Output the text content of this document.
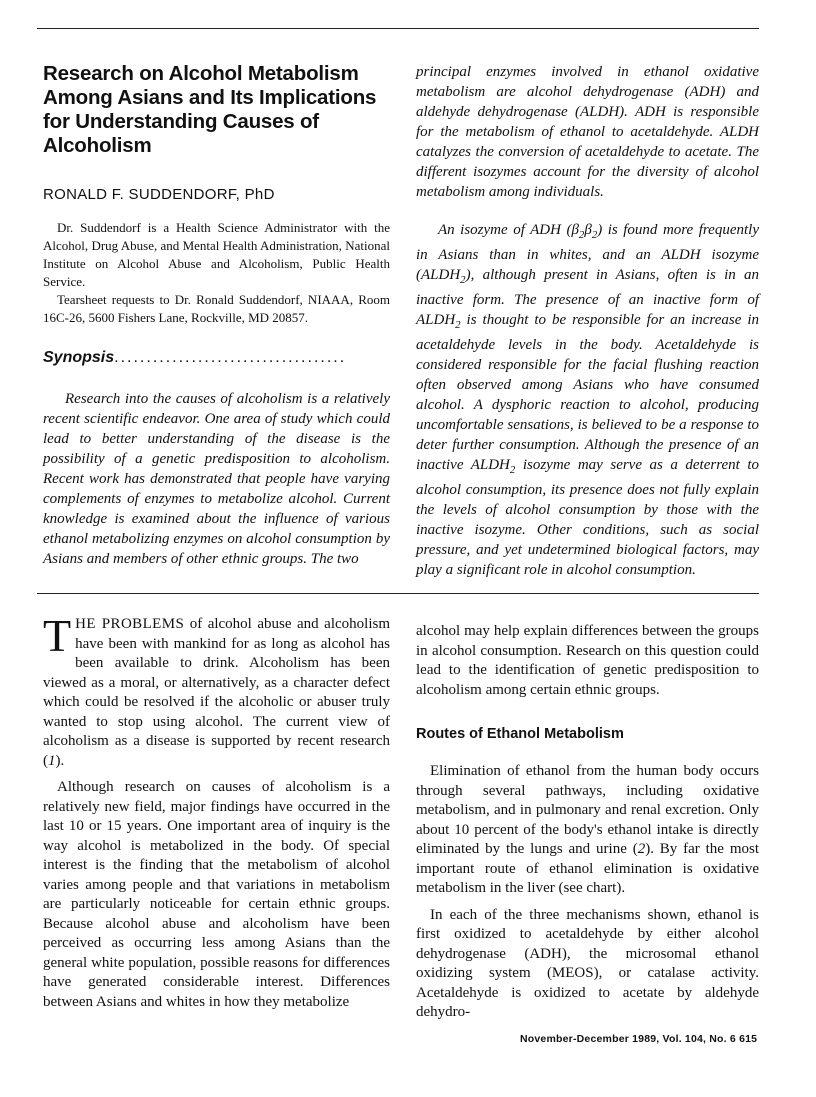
Research on Alcohol Metabolism Among Asians and Its Implications for Understanding Causes of Alcoholism

RONALD F. SUDDENDORF, PhD

Dr. Suddendorf is a Health Science Administrator with the Alcohol, Drug Abuse, and Mental Health Administration, National Institute on Alcohol Abuse and Alcoholism, Public Health Service.

Tearsheet requests to Dr. Ronald Suddendorf, NIAAA, Room 16C-26, 5600 Fishers Lane, Rockville, MD 20857.

Synopsis....................................

Research into the causes of alcoholism is a relatively recent scientific endeavor. One area of study which could lead to better understanding of the disease is the possibility of a genetic predisposition to alcoholism. Recent work has demonstrated that people have varying complements of enzymes to metabolize alcohol. Current knowledge is examined about the influence of various ethanol metabolizing enzymes on alcohol consumption by Asians and members of other ethnic groups. The two

principal enzymes involved in ethanol oxidative metabolism are alcohol dehydrogenase (ADH) and aldehyde dehydrogenase (ALDH). ADH is responsible for the metabolism of ethanol to acetaldehyde. ALDH catalyzes the conversion of acetaldehyde to acetate. The different isozymes account for the diversity of alcohol metabolism among individuals.

An isozyme of ADH $(\beta_2\beta_2)$ is found more frequently in Asians than in whites, and an ALDH isozyme $(ALDH_2)$, although present in Asians, often is in an inactive form. The presence of an inactive form of $ALDH_2$ is thought to be responsible for an increase in acetaldehyde levels in the body. Acetaldehyde is considered responsible for the facial flushing reaction often observed among Asians who have consumed alcohol. A dysphoric reaction to alcohol, producing uncomfortable sensations, is believed to be a response to deter further consumption. Although the presence of an inactive $ALDH_2$ isozyme may serve as a deterrent to alcohol consumption, its presence does not fully explain the levels of alcohol consumption by those with the inactive isozyme. Other conditions, such as social pressure, and yet undetermined biological factors, may play a significant role in alcohol consumption.

THE PROBLEMS of alcohol abuse and alcoholism have been with mankind for as long as alcohol has been available to drink. Alcoholism has been viewed as a moral, or alternatively, as a character defect which could be resolved if the alcoholic or abuser truly wanted to stop using alcohol. The current view of alcoholism as a disease is supported by recent research (1).

Although research on causes of alcoholism is a relatively new field, major findings have occurred in the last 10 or 15 years. One important area of inquiry is the way alcohol is metabolized in the body. Of special interest is the finding that the metabolism of alcohol varies among people and that variations in metabolism are particularly noticeable for certain ethnic groups. Because alcohol abuse and alcoholism have been perceived as occurring less among Asians than the general white population, possible reasons for differences have generated considerable interest. Differences between Asians and whites in how they metabolize

alcohol may help explain differences between the groups in alcohol consumption. Research on this question could lead to the identification of genetic predisposition to alcoholism among certain ethnic groups.

Routes of Ethanol Metabolism

Elimination of ethanol from the human body occurs through several pathways, including oxidative metabolism, and in pulmonary and renal excretion. Only about 10 percent of the body's ethanol intake is directly eliminated by the lungs and urine (2). By far the most important route of ethanol elimination is oxidative metabolism in the liver (see chart).

In each of the three mechanisms shown, ethanol is first oxidized to acetaldehyde by either alcohol dehydrogenase (ADH), the microsomal ethanol oxidizing system (MEOS), or catalase activity. Acetaldehyde is oxidized to acetate by aldehyde dehydro-

November-December 1989, Vol. 104, No. 6 615
